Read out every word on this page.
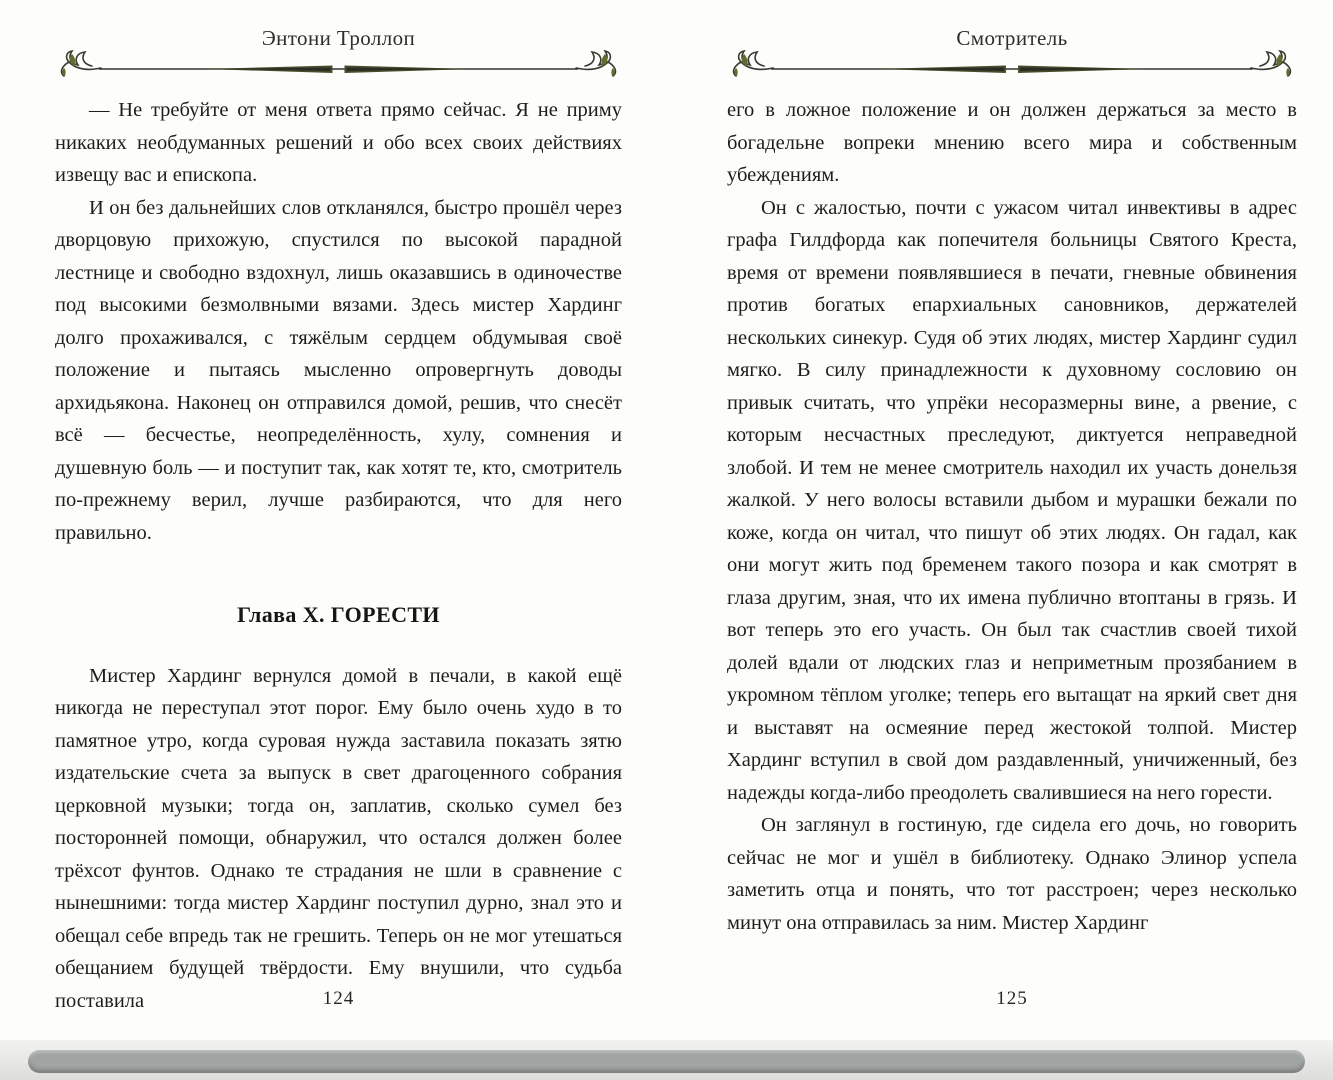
Энтони Троллоп

— Не требуйте от меня ответа прямо сейчас. Я не приму никаких необдуманных решений и обо всех своих действиях извещу вас и епископа.

И он без дальнейших слов откланялся, быстро прошёл через дворцовую прихожую, спустился по высокой парадной лестнице и свободно вздохнул, лишь оказавшись в одиночестве под высокими безмолвными вязами. Здесь мистер Хардинг долго прохаживался, с тяжёлым сердцем обдумывая своё положение и пытаясь мысленно опровергнуть доводы архидьякона. Наконец он отправился домой, решив, что снесёт всё — бесчестье, неопределённость, хулу, сомнения и душевную боль — и поступит так, как хотят те, кто, смотритель по-прежнему верил, лучше разбираются, что для него правильно.

Глава X. ГОРЕСТИ

Мистер Хардинг вернулся домой в печали, в какой ещё никогда не переступал этот порог. Ему было очень худо в то памятное утро, когда суровая нужда заставила показать зятю издательские счета за выпуск в свет драгоценного собрания церковной музыки; тогда он, заплатив, сколько сумел без посторонней помощи, обнаружил, что остался должен более трёхсот фунтов. Однако те страдания не шли в сравнение с нынешними: тогда мистер Хардинг поступил дурно, знал это и обещал себе впредь так не грешить. Теперь он не мог утешаться обещанием будущей твёрдости. Ему внушили, что судьба поставила	124
Смотритель

его в ложное положение и он должен держаться за место в богадельне вопреки мнению всего мира и собственным убеждениям.

Он с жалостью, почти с ужасом читал инвективы в адрес графа Гилдфорда как попечителя больницы Святого Креста, время от времени появлявшиеся в печати, гневные обвинения против богатых епархиальных сановников, держателей нескольких синекур. Судя об этих людях, мистер Хардинг судил мягко. В силу принадлежности к духовному сословию он привык считать, что упрёки несоразмерны вине, а рвение, с которым несчастных преследуют, диктуется неправедной злобой. И тем не менее смотритель находил их участь донельзя жалкой. У него волосы вставили дыбом и мурашки бежали по коже, когда он читал, что пишут об этих людях. Он гадал, как они могут жить под бременем такого позора и как смотрят в глаза другим, зная, что их имена публично втоптаны в грязь. И вот теперь это его участь. Он был так счастлив своей тихой долей вдали от людских глаз и неприметным прозябанием в укромном тёплом уголке; теперь его вытащат на яркий свет дня и выставят на осмеяние перед жестокой толпой. Мистер Хардинг вступил в свой дом раздавленный, уничиженный, без надежды когда-либо преодолеть свалившиеся на него горести.

Он заглянул в гостиную, где сидела его дочь, но говорить сейчас не мог и ушёл в библиотеку. Однако Элинор успела заметить отца и понять, что тот расстроен; через несколько минут она отправилась за ним. Мистер Хардинг

125
